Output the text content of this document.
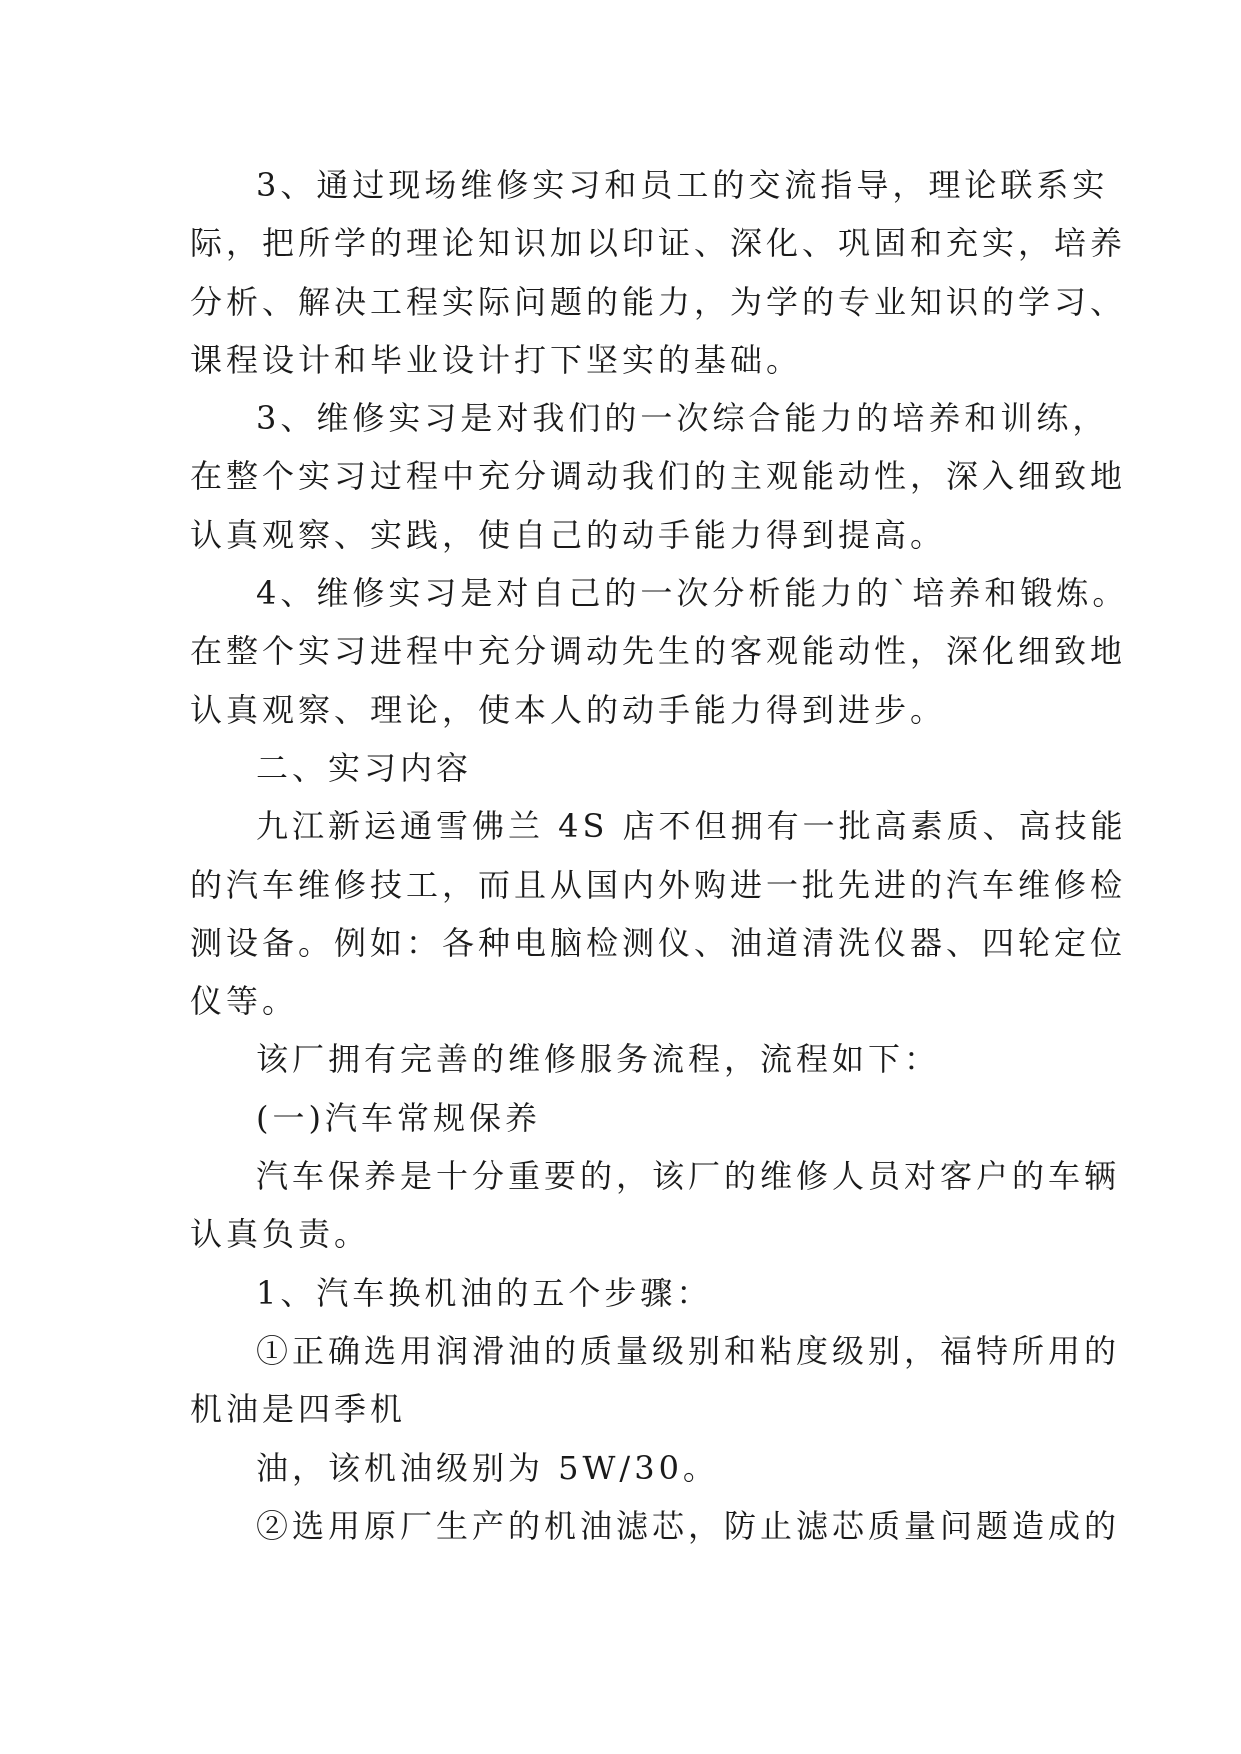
3、通过现场维修实习和员工的交流指导，理论联系实
际，把所学的理论知识加以印证、深化、巩固和充实，培养
分析、解决工程实际问题的能力，为学的专业知识的学习、
课程设计和毕业设计打下坚实的基础。
3、维修实习是对我们的一次综合能力的培养和训练，
在整个实习过程中充分调动我们的主观能动性，深入细致地
认真观察、实践，使自己的动手能力得到提高。
4、维修实习是对自己的一次分析能力的`培养和锻炼。
在整个实习进程中充分调动先生的客观能动性，深化细致地
认真观察、理论，使本人的动手能力得到进步。
二、实习内容
九江新运通雪佛兰 4S 店不但拥有一批高素质、高技能
的汽车维修技工，而且从国内外购进一批先进的汽车维修检
测设备。例如：各种电脑检测仪、油道清洗仪器、四轮定位
仪等。
该厂拥有完善的维修服务流程，流程如下：
(一)汽车常规保养
汽车保养是十分重要的，该厂的维修人员对客户的车辆
认真负责。
1、汽车换机油的五个步骤：
①正确选用润滑油的质量级别和粘度级别，福特所用的
机油是四季机
油，该机油级别为 5W/30。
②选用原厂生产的机油滤芯，防止滤芯质量问题造成的
